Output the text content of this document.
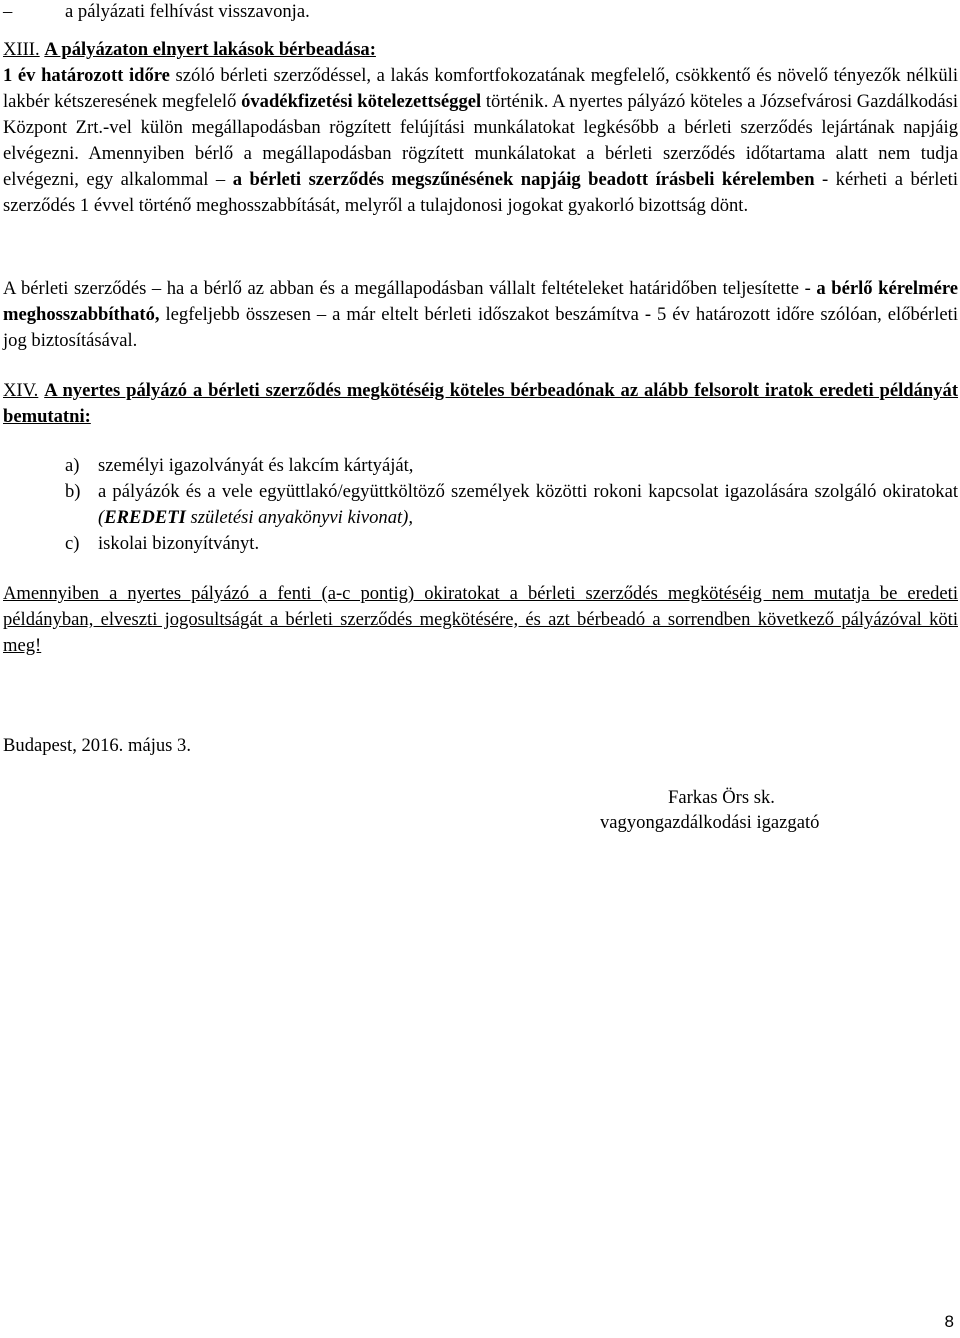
–	a pályázati felhívást visszavonja.
XIII. A pályázaton elnyert lakások bérbeadása:
1 év határozott időre szóló bérleti szerződéssel, a lakás komfortfokozatának megfelelő, csökkentő és növelő tényezők nélküli lakbér kétszeresének megfelelő óvadékfizetési kötelezettséggel történik. A nyertes pályázó köteles a Józsefvárosi Gazdálkodási Központ Zrt.-vel külön megállapodásban rögzített felújítási munkálatokat legkésőbb a bérleti szerződés lejártának napjáig elvégezni. Amennyiben bérlő a megállapodásban rögzített munkálatokat a bérleti szerződés időtartama alatt nem tudja elvégezni, egy alkalommal – a bérleti szerződés megszűnésének napjáig beadott írásbeli kérelemben - kérheti a bérleti szerződés 1 évvel történő meghosszabbítását, melyről a tulajdonosi jogokat gyakorló bizottság dönt.
A bérleti szerződés – ha a bérlő az abban és a megállapodásban vállalt feltételeket határidőben teljesítette - a bérlő kérelmére meghosszabbítható, legfeljebb összesen – a már eltelt bérleti időszakot beszámítva - 5 év határozott időre szólóan, előbérleti jog biztosításával.
XIV. A nyertes pályázó a bérleti szerződés megkötéséig köteles bérbeadónak az alább felsorolt iratok eredeti példányát bemutatni:
a) személyi igazolványát és lakcím kártyáját,
b) a pályázók és a vele együttlakó/együttköltöző személyek közötti rokoni kapcsolat igazolására szolgáló okiratokat (EREDETI születési anyakönyvi kivonat),
c) iskolai bizonyítványt.
Amennyiben a nyertes pályázó a fenti (a-c pontig) okiratokat a bérleti szerződés megkötéséig nem mutatja be eredeti példányban, elveszti jogosultságát a bérleti szerződés megkötésére, és azt bérbeadó a sorrendben következő pályázóval köti meg!
Budapest, 2016. május 3.
Farkas Örs sk.
vagyongazdálkodási igazgató
8
